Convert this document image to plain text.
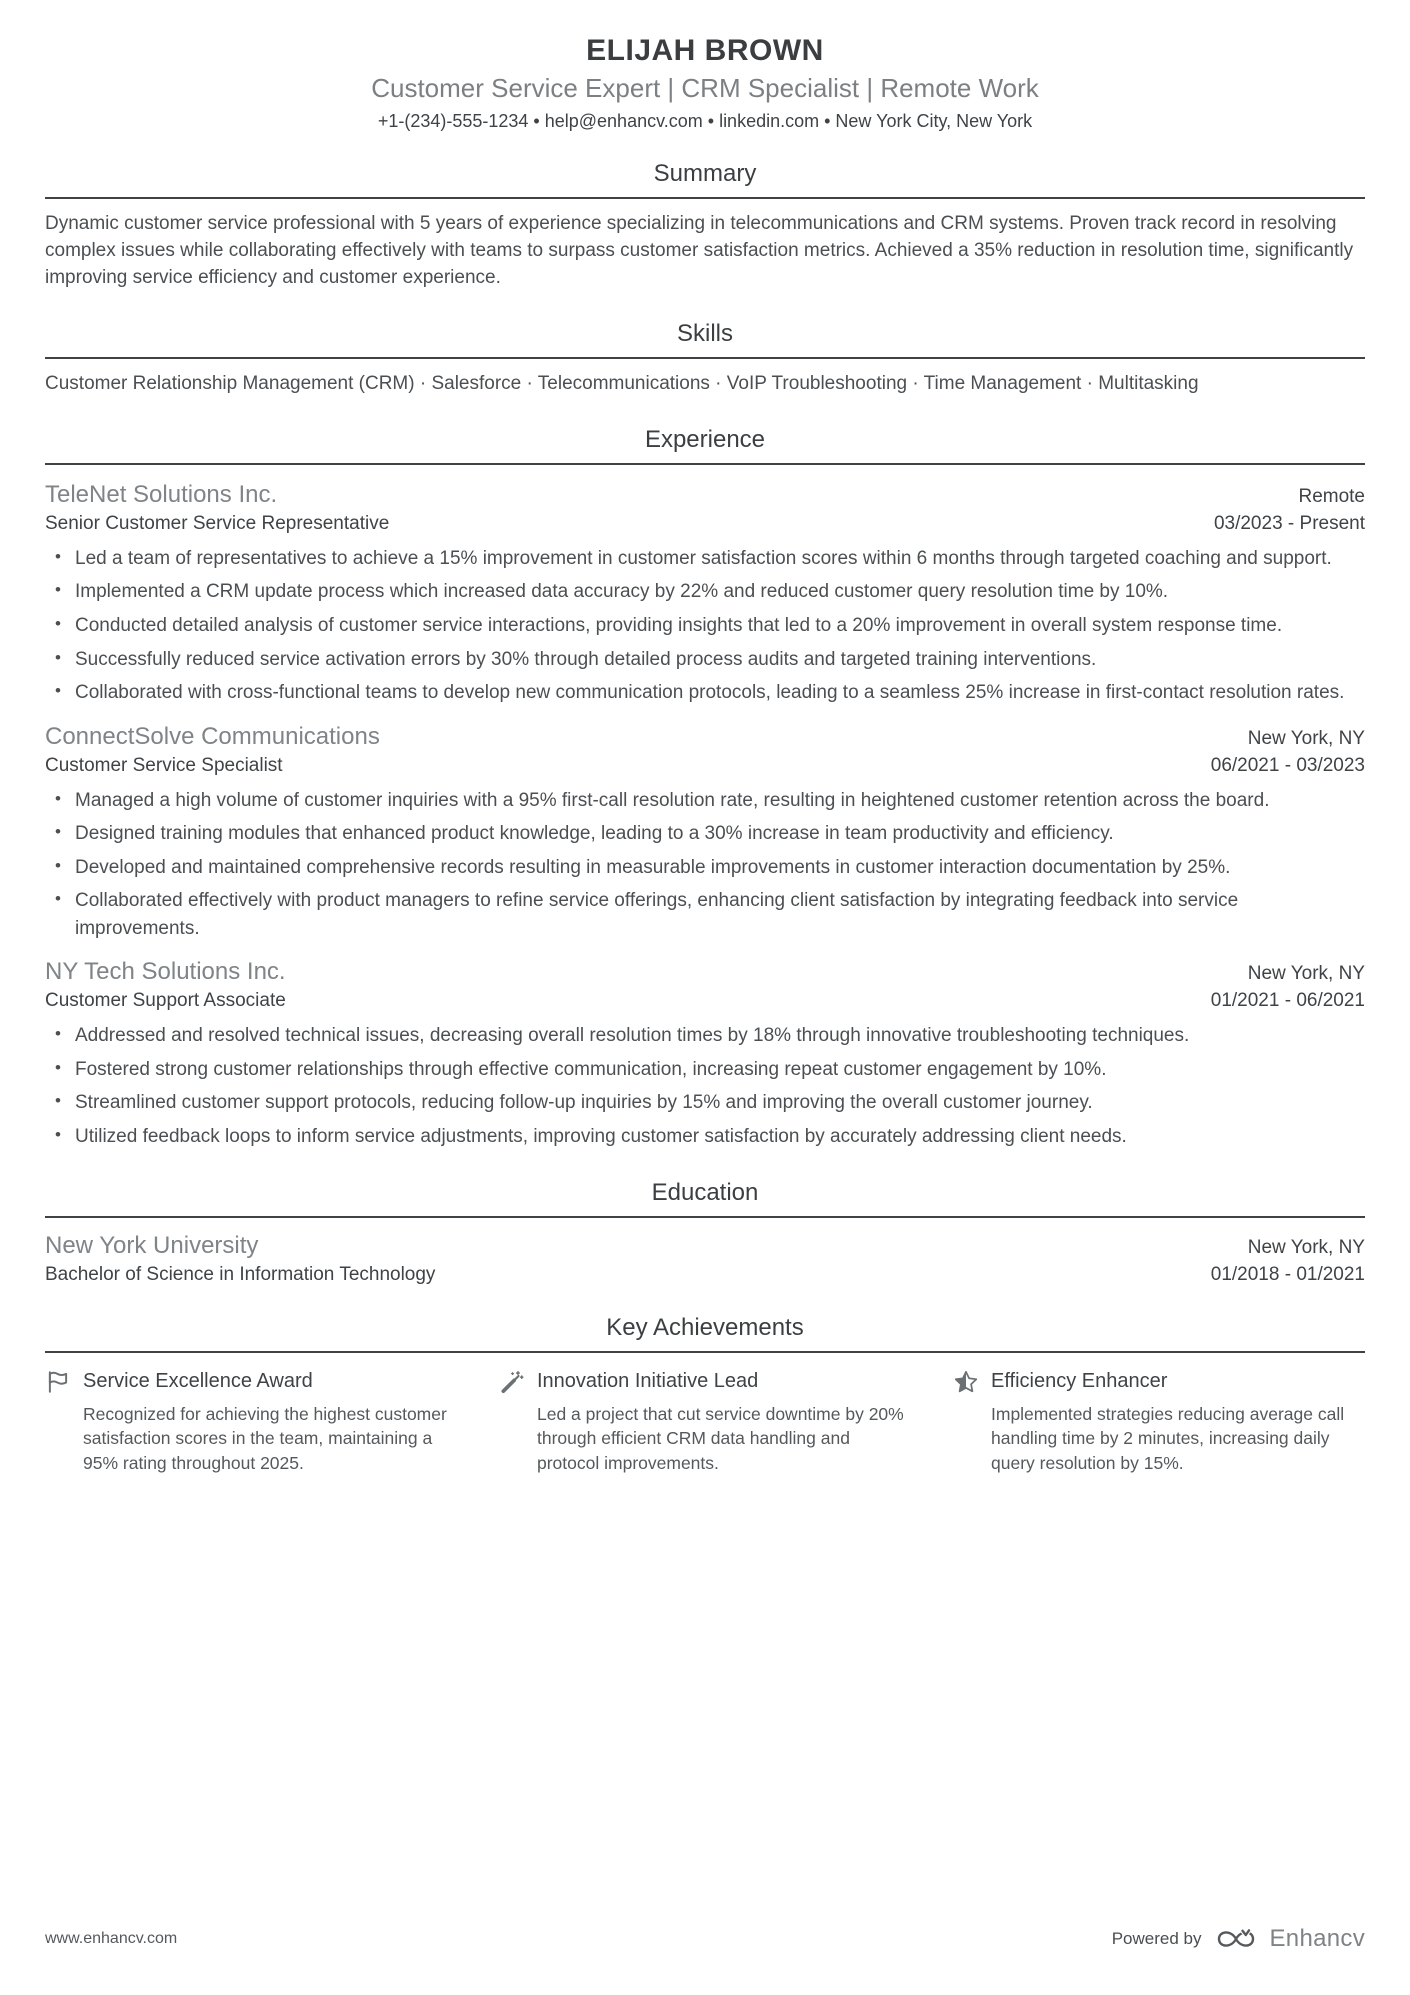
ELIJAH BROWN
Customer Service Expert | CRM Specialist | Remote Work
+1-(234)-555-1234 • help@enhancv.com • linkedin.com • New York City, New York
Summary
Dynamic customer service professional with 5 years of experience specializing in telecommunications and CRM systems. Proven track record in resolving complex issues while collaborating effectively with teams to surpass customer satisfaction metrics. Achieved a 35% reduction in resolution time, significantly improving service efficiency and customer experience.
Skills
Customer Relationship Management (CRM) · Salesforce · Telecommunications · VoIP Troubleshooting · Time Management · Multitasking
Experience
TeleNet Solutions Inc.	Remote
Senior Customer Service Representative	03/2023 - Present
• Led a team of representatives to achieve a 15% improvement in customer satisfaction scores within 6 months through targeted coaching and support.
• Implemented a CRM update process which increased data accuracy by 22% and reduced customer query resolution time by 10%.
• Conducted detailed analysis of customer service interactions, providing insights that led to a 20% improvement in overall system response time.
• Successfully reduced service activation errors by 30% through detailed process audits and targeted training interventions.
• Collaborated with cross-functional teams to develop new communication protocols, leading to a seamless 25% increase in first-contact resolution rates.
ConnectSolve Communications	New York, NY
Customer Service Specialist	06/2021 - 03/2023
• Managed a high volume of customer inquiries with a 95% first-call resolution rate, resulting in heightened customer retention across the board.
• Designed training modules that enhanced product knowledge, leading to a 30% increase in team productivity and efficiency.
• Developed and maintained comprehensive records resulting in measurable improvements in customer interaction documentation by 25%.
• Collaborated effectively with product managers to refine service offerings, enhancing client satisfaction by integrating feedback into service improvements.
NY Tech Solutions Inc.	New York, NY
Customer Support Associate	01/2021 - 06/2021
• Addressed and resolved technical issues, decreasing overall resolution times by 18% through innovative troubleshooting techniques.
• Fostered strong customer relationships through effective communication, increasing repeat customer engagement by 10%.
• Streamlined customer support protocols, reducing follow-up inquiries by 15% and improving the overall customer journey.
• Utilized feedback loops to inform service adjustments, improving customer satisfaction by accurately addressing client needs.
Education
New York University	New York, NY
Bachelor of Science in Information Technology	01/2018 - 01/2021
Key Achievements
Service Excellence Award
Recognized for achieving the highest customer satisfaction scores in the team, maintaining a 95% rating throughout 2025.
Innovation Initiative Lead
Led a project that cut service downtime by 20% through efficient CRM data handling and protocol improvements.
Efficiency Enhancer
Implemented strategies reducing average call handling time by 2 minutes, increasing daily query resolution by 15%.
www.enhancv.com	Powered by	Enhancv
